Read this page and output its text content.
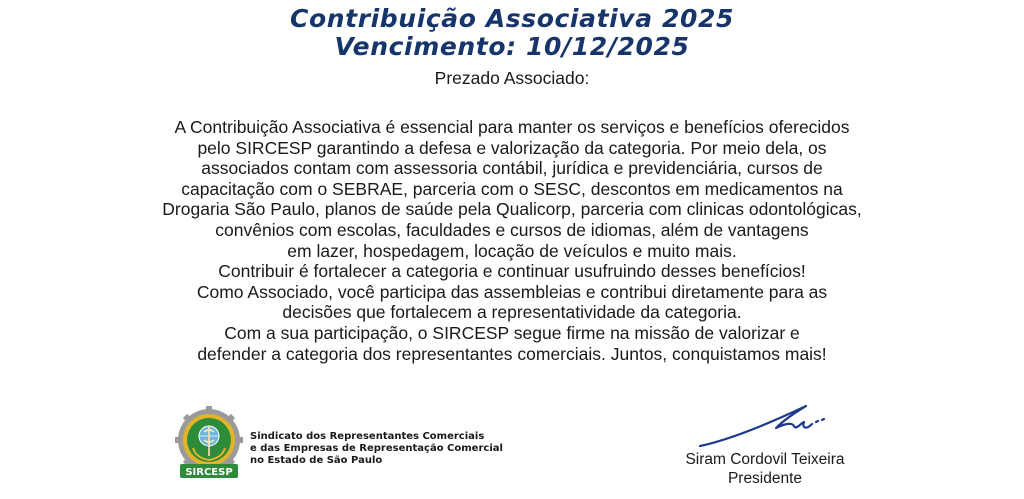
Contribuição Associativa 2025
Vencimento: 10/12/2025
Prezado Associado:
A Contribuição Associativa é essencial para manter os serviços e benefícios oferecidos
pelo SIRCESP garantindo a defesa e valorização da categoria. Por meio dela, os
associados contam com assessoria contábil, jurídica e previdenciária, cursos de
capacitação com o SEBRAE, parceria com o SESC, descontos em medicamentos na
Drogaria São Paulo, planos de saúde pela Qualicorp, parceria com clinicas odontológicas,
convênios com escolas, faculdades e cursos de idiomas, além de vantagens
em lazer, hospedagem, locação de veículos e muito mais.
Contribuir é fortalecer a categoria e continuar usufruindo desses benefícios!
Como Associado, você participa das assembleias e contribui diretamente para as
decisões que fortalecem a representatividade da categoria.
Com a sua participação, o SIRCESP segue firme na missão de valorizar e
defender a categoria dos representantes comerciais. Juntos, conquistamos mais!
SIRCESP
Sindicato dos Representantes Comerciais
e das Empresas de Representação Comercial
no Estado de São Paulo	Siram Cordovil Teixeira
Presidente
